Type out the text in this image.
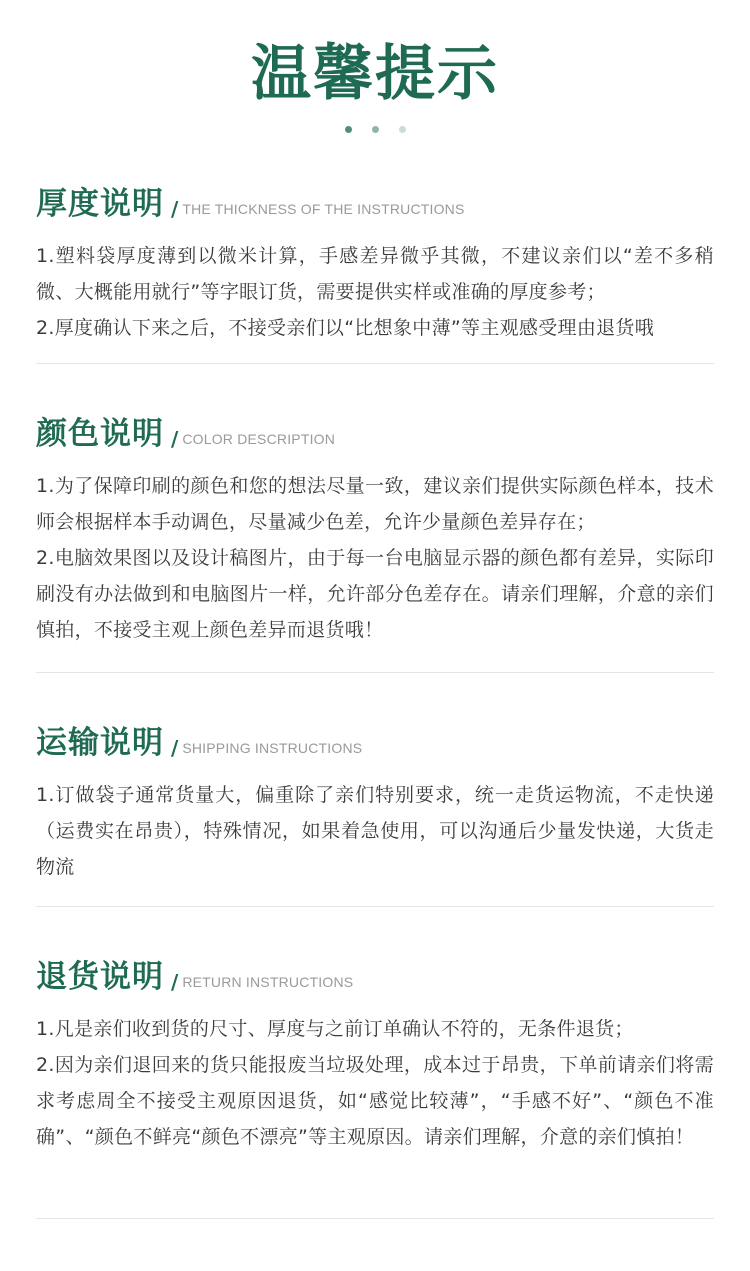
温馨提示
厚度说明 / THE THICKNESS OF THE INSTRUCTIONS
1.塑料袋厚度薄到以微米计算，手感差异微乎其微，不建议亲们以“差不多稍微、大概能用就行”等字眼订货，需要提供实样或准确的厚度参考；
2.厚度确认下来之后，不接受亲们以“比想象中薄”等主观感受理由退货哦
颜色说明 / COLOR DESCRIPTION
1.为了保障印刷的颜色和您的想法尽量一致，建议亲们提供实际颜色样本，技术师会根据样本手动调色，尽量减少色差，允许少量颜色差异存在；
2.电脑效果图以及设计稿图片，由于每一台电脑显示器的颜色都有差异，实际印刷没有办法做到和电脑图片一样，允许部分色差存在。请亲们理解，介意的亲们慎拍，不接受主观上颜色差异而退货哦！
运输说明 / SHIPPING INSTRUCTIONS
1.订做袋子通常货量大，偏重除了亲们特别要求，统一走货运物流，不走快递（运费实在昂贵），特殊情况，如果着急使用，可以沟通后少量发快递，大货走物流
退货说明 / RETURN INSTRUCTIONS
1.凡是亲们收到货的尺寸、厚度与之前订单确认不符的，无条件退货；
2.因为亲们退回来的货只能报废当垃圾处理，成本过于昂贵，下单前请亲们将需求考虑周全不接受主观原因退货，如“感觉比较薄”，“手感不好”、“颜色不准确”、“颜色不鲜亮“颜色不漂亮”等主观原因。请亲们理解，介意的亲们慎拍！
